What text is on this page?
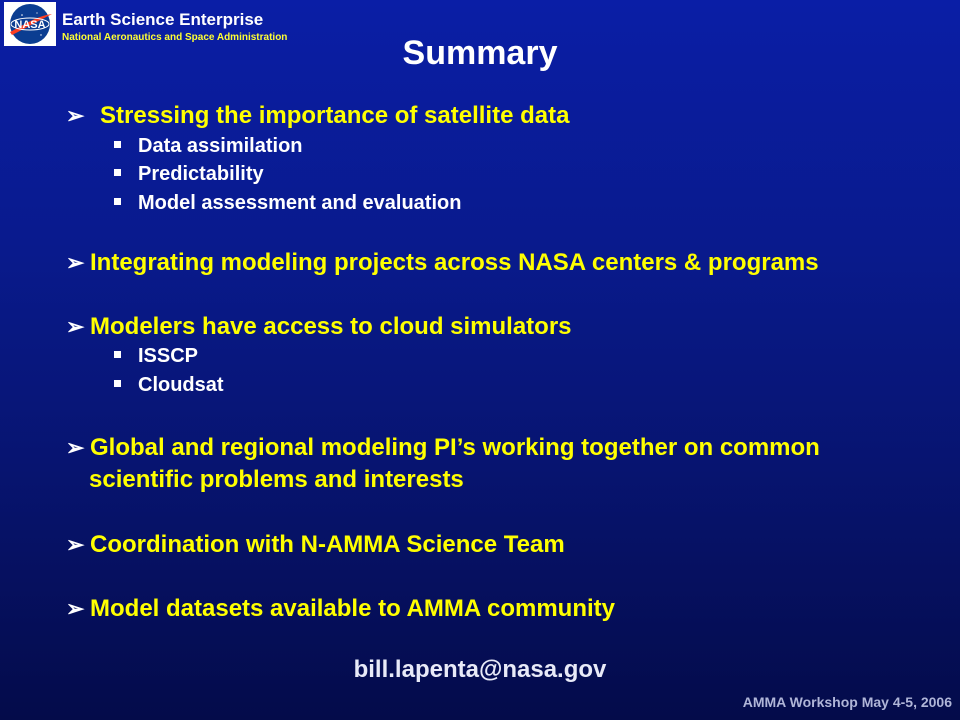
NASA Earth Science Enterprise
National Aeronautics and Space Administration	Summary
➢ Stressing the importance of satellite data
Data assimilation
Predictability
Model assessment and evaluation
➢ Integrating modeling projects across NASA centers & programs
➢ Modelers have access to cloud simulators
ISSCP
Cloudsat
➢ Global and regional modeling PI’s working together on common
scientific problems and interests
➢ Coordination with N-AMMA Science Team
➢ Model datasets available to AMMA community
bill.lapenta@nasa.gov
AMMA Workshop May 4-5, 2006
